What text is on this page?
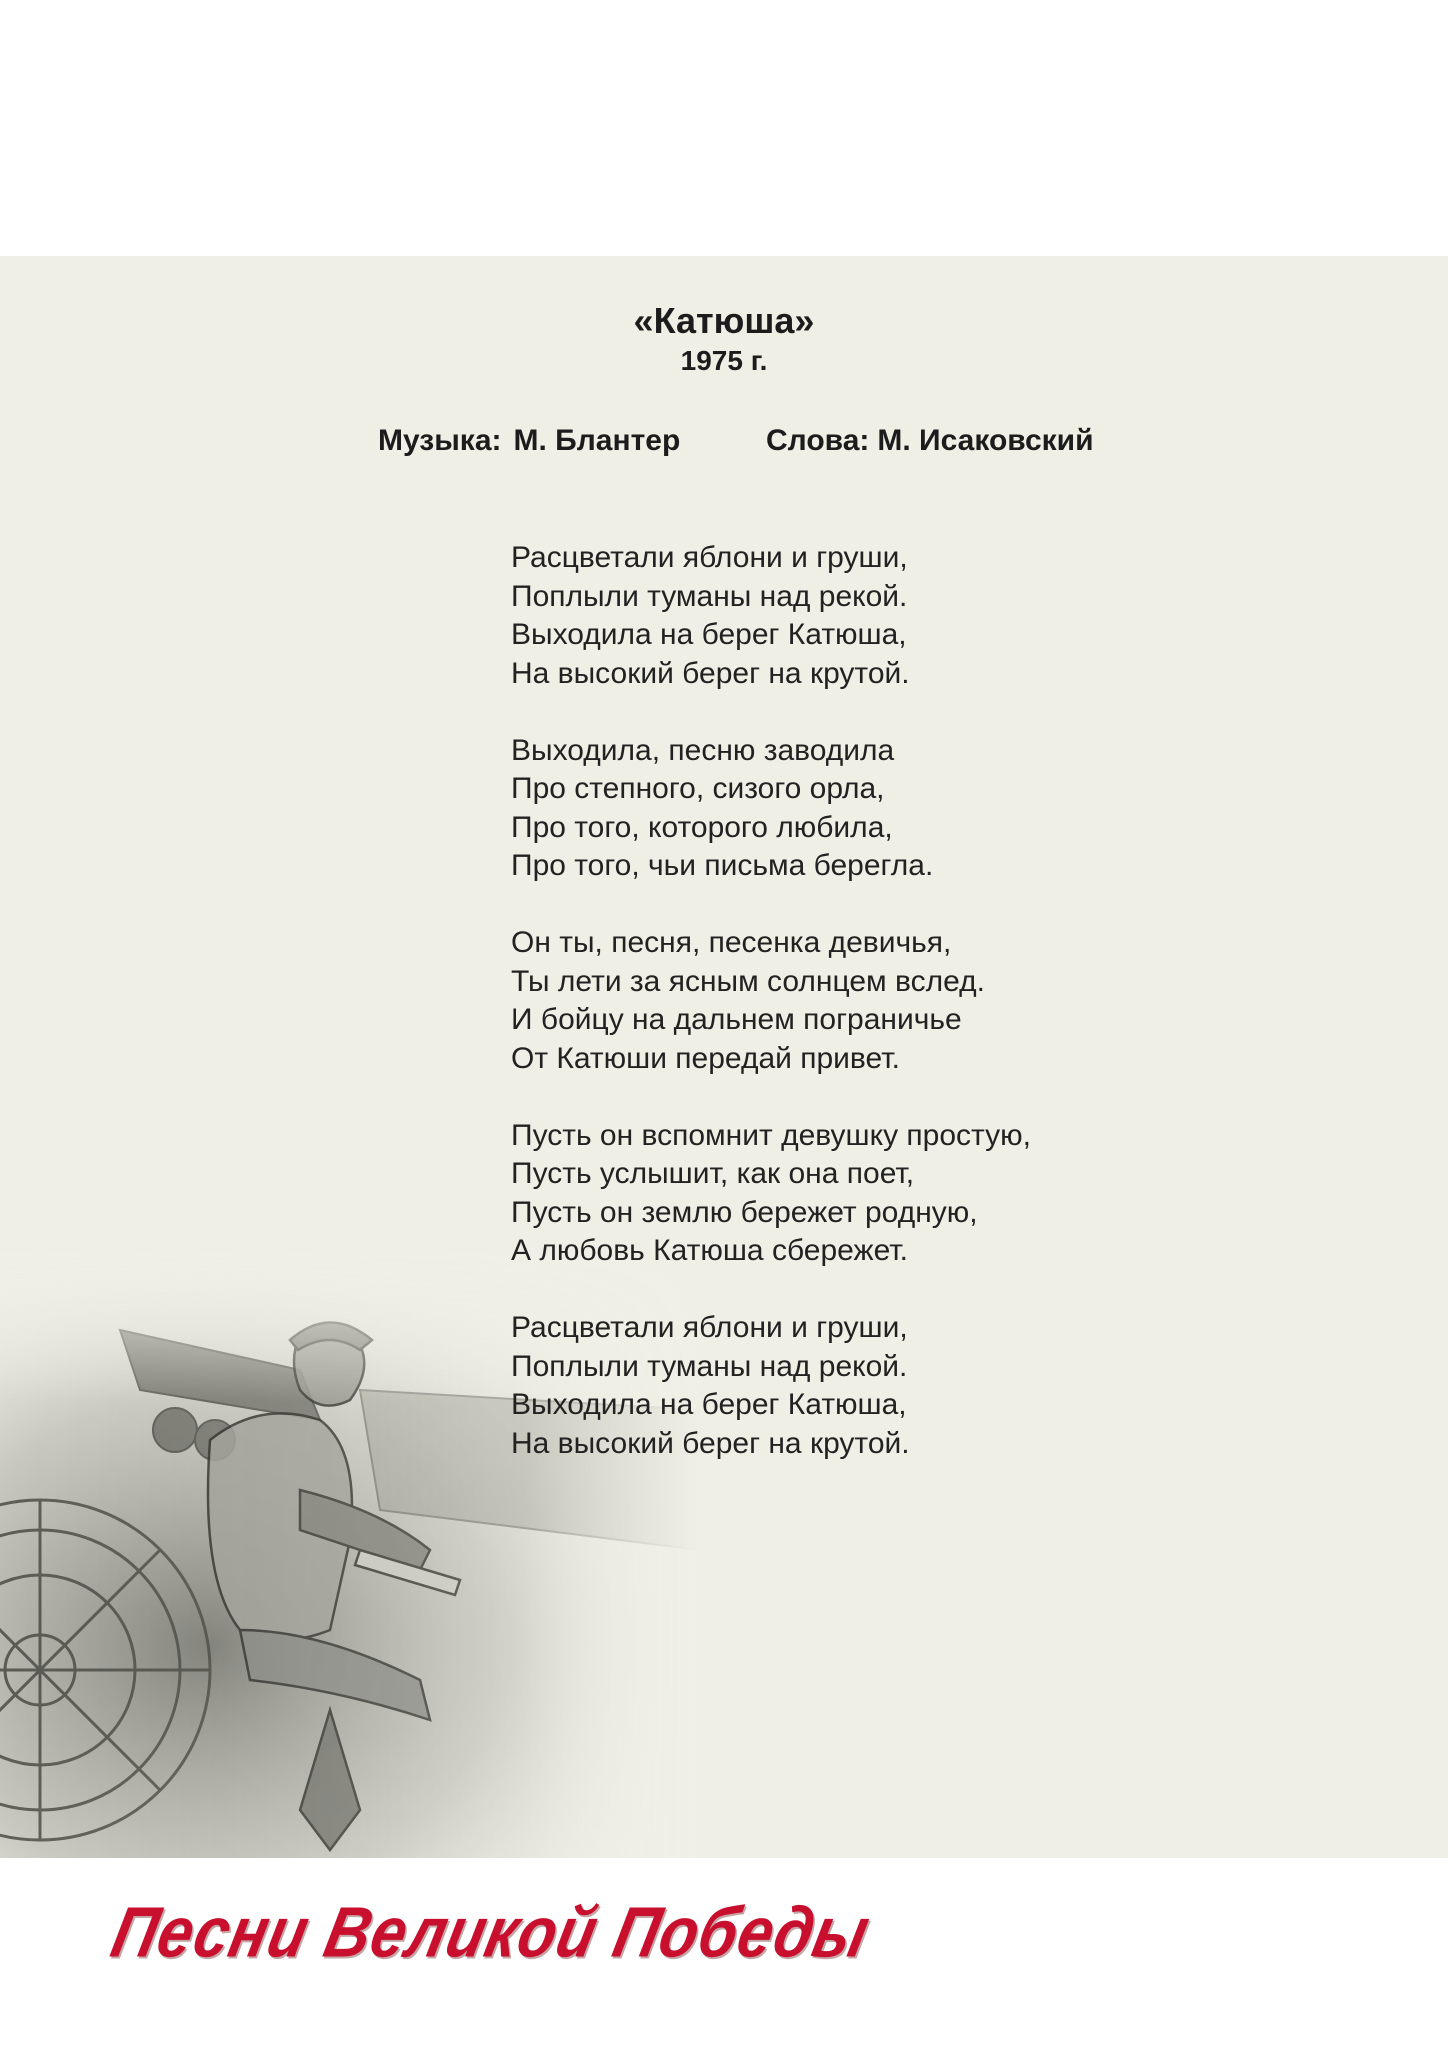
«Катюша»
1975 г.
Музыка: М. Блантер	Слова: М. Исаковский
Расцветали яблони и груши,
Поплыли туманы над рекой.
Выходила на берег Катюша,
На высокий берег на крутой.
Выходила, песню заводила
Про степного, сизого орла,
Про того, которого любила,
Про того, чьи письма берегла.
Он ты, песня, песенка девичья,
Ты лети за ясным солнцем вслед.
И бойцу на дальнем пограничье
От Катюши передай привет.
Пусть он вспомнит девушку простую,
Пусть услышит, как она поет,
Пусть он землю бережет родную,
А любовь Катюша сбережет.
Расцветали яблони и груши,
Поплыли туманы над рекой.
Выходила на берег Катюша,
На высокий берег на крутой.
Песни Великой Победы
